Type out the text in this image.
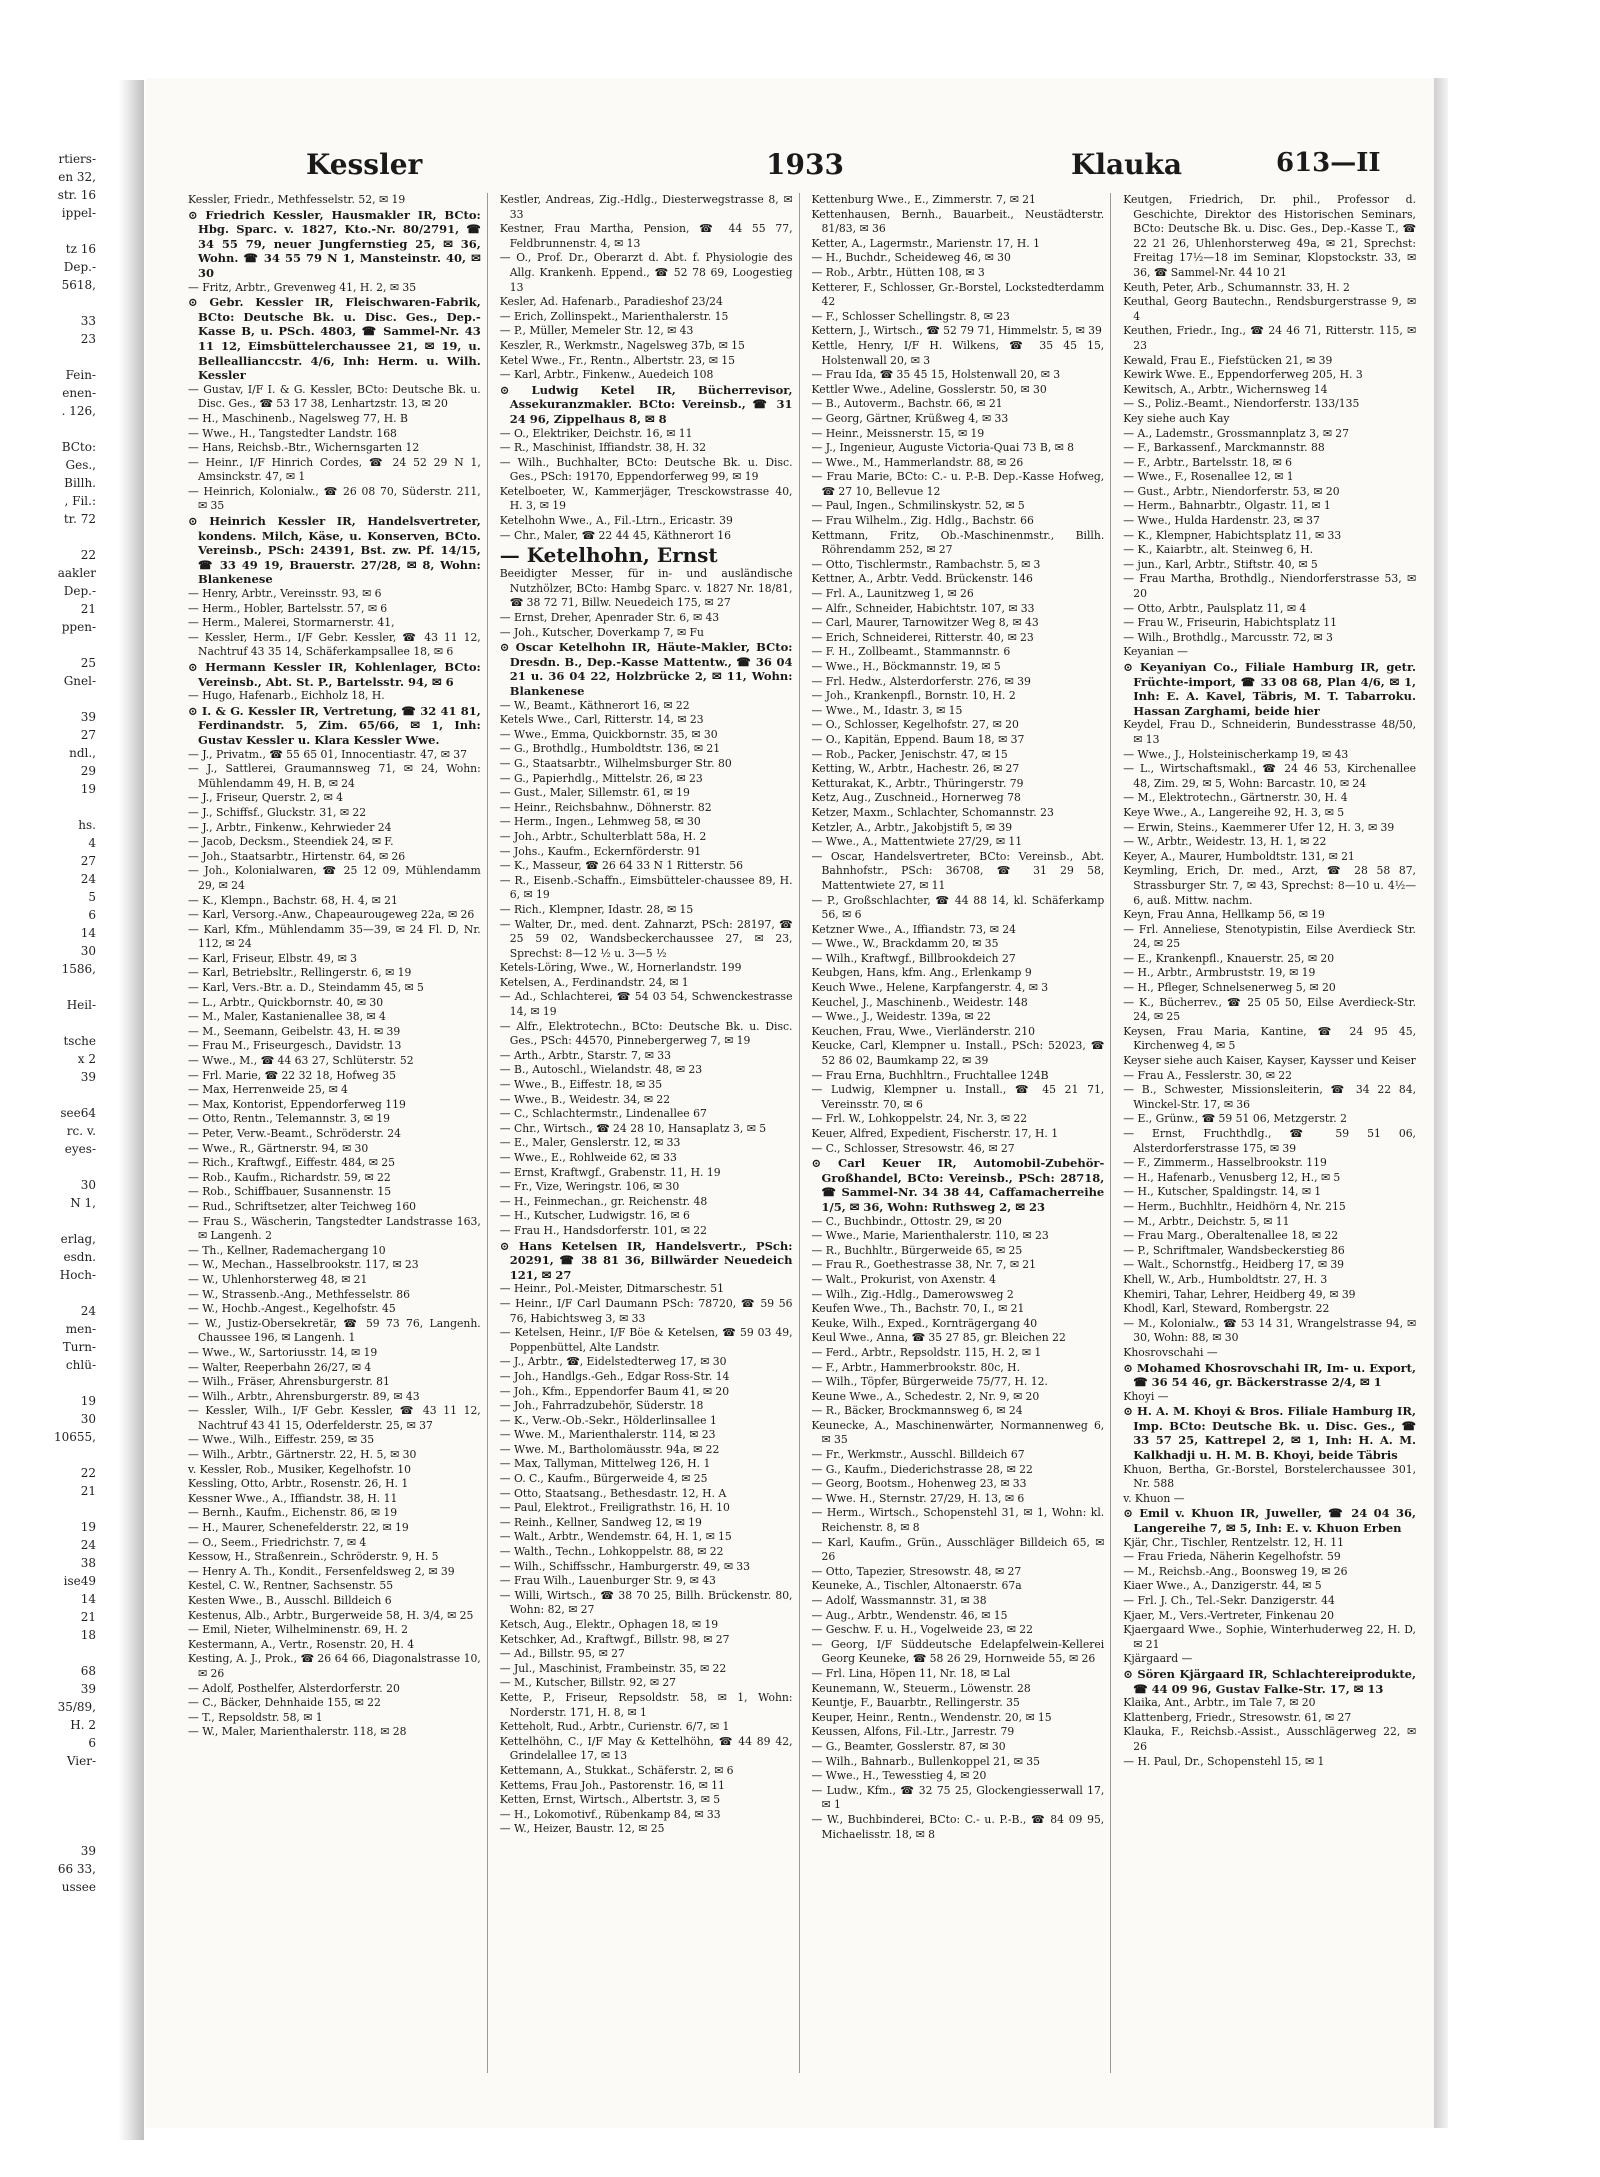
rtiers-
en 32,
str. 16
ippel-

tz 16
Dep.-
5618,

33
23

Fein-
enen-
. 126,

BCto:
Ges.,
Billh.
, Fil.:
tr. 72

22
aakler
Dep.-
21
ppen-

25
Gnel-

39
27
ndl.,
29
19

hs.
4
27
24
5
6
14
30
1586,

Heil-

tsche
x 2
39

see64
rc. v.
eyes-

30
N 1,

erlag,
esdn.
Hoch-

24
men-
Turn-
chlü-

19
30
10655,

22
21

19
24
38
ise49
14
21
18

68
39
35/89,
H. 2
6
Vier-

39
66 33,
ussee
Kessler	1933	Klauka	613—II

Kessler, Friedr., Methfesselstr. 52, ✉ 19

⊙ Friedrich Kessler, Hausmakler IR, BCto: Hbg. Sparc. v. 1827, Kto.-Nr. 80/2791, ☎ 34 55 79, neuer Jungfernstieg 25, ✉ 36, Wohn. ☎ 34 55 79 N 1, Mansteinstr. 40, ✉ 30

— Fritz, Arbtr., Grevenweg 41, H. 2, ✉ 35

⊙ Gebr. Kessler IR, Fleischwaren-Fabrik, BCto: Deutsche Bk. u. Disc. Ges., Dep.-Kasse B, u. PSch. 4803, ☎ Sammel-Nr. 43 11 12, Eimsbüttelerchaussee 21, ✉ 19, u. Belleallianccstr. 4/6, Inh: Herm. u. Wilh. Kessler

— Gustav, I/F I. & G. Kessler, BCto: Deutsche Bk. u. Disc. Ges., ☎ 53 17 38, Lenhartzstr. 13, ✉ 20

— H., Maschinenb., Nagelsweg 77, H. B

— Wwe., H., Tangstedter Landstr. 168

— Hans, Reichsb.-Btr., Wichernsgarten 12

— Heinr., I/F Hinrich Cordes, ☎ 24 52 29 N 1, Amsinckstr. 47, ✉ 1

— Heinrich, Kolonialw., ☎ 26 08 70, Süderstr. 211, ✉ 35

⊙ Heinrich Kessler IR, Handelsvertreter, kondens. Milch, Käse, u. Konserven, BCto. Vereinsb., PSch: 24391, Bst. zw. Pf. 14/15, ☎ 33 49 19, Brauerstr. 27/28, ✉ 8, Wohn: Blankenese

— Henry, Arbtr., Vereinsstr. 93, ✉ 6

— Herm., Hobler, Bartelsstr. 57, ✉ 6

— Herm., Malerei, Stormarnerstr. 41,

— Kessler, Herm., I/F Gebr. Kessler, ☎ 43 11 12, Nachtruf 43 35 14, Schäferkampsallee 18, ✉ 6

⊙ Hermann Kessler IR, Kohlenlager, BCto: Vereinsb., Abt. St. P., Bartelsstr. 94, ✉ 6

— Hugo, Hafenarb., Eichholz 18, H.

⊙ I. & G. Kessler IR, Vertretung, ☎ 32 41 81, Ferdinandstr. 5, Zim. 65/66, ✉ 1, Inh: Gustav Kessler u. Klara Kessler Wwe.

— J., Privatm., ☎ 55 65 01, Innocentiastr. 47, ✉ 37

— J., Sattlerei, Graumannsweg 71, ✉ 24, Wohn: Mühlendamm 49, H. B, ✉ 24

— J., Friseur, Querstr. 2, ✉ 4

— J., Schiffsf., Gluckstr. 31, ✉ 22

— J., Arbtr., Finkenw., Kehrwieder 24

— Jacob, Decksm., Steendiek 24, ✉ F.

— Joh., Staatsarbtr., Hirtenstr. 64, ✉ 26

— Joh., Kolonialwaren, ☎ 25 12 09, Mühlendamm 29, ✉ 24

— K., Klempn., Bachstr. 68, H. 4, ✉ 21

— Karl, Versorg.-Anw., Chapeaurougeweg 22a, ✉ 26

— Karl, Kfm., Mühlendamm 35—39, ✉ 24 Fl. D, Nr. 112, ✉ 24

— Karl, Friseur, Elbstr. 49, ✉ 3

— Karl, Betriebsltr., Rellingerstr. 6, ✉ 19

— Karl, Vers.-Btr. a. D., Steindamm 45, ✉ 5

— L., Arbtr., Quickbornstr. 40, ✉ 30

— M., Maler, Kastanienallee 38, ✉ 4

— M., Seemann, Geibelstr. 43, H. ✉ 39

— Frau M., Friseurgesch., Davidstr. 13

— Wwe., M., ☎ 44 63 27, Schlüterstr. 52

— Frl. Marie, ☎ 22 32 18, Hofweg 35

— Max, Herrenweide 25, ✉ 4

— Max, Kontorist, Eppendorferweg 119

— Otto, Rentn., Telemannstr. 3, ✉ 19

— Peter, Verw.-Beamt., Schröderstr. 24

— Wwe., R., Gärtnerstr. 94, ✉ 30

— Rich., Kraftwgf., Eiffestr. 484, ✉ 25

— Rob., Kaufm., Richardstr. 59, ✉ 22

— Rob., Schiffbauer, Susannenstr. 15

— Rud., Schriftsetzer, alter Teichweg 160

— Frau S., Wäscherin, Tangstedter Landstrasse 163, ✉ Langenh. 2

— Th., Kellner, Rademachergang 10

— W., Mechan., Hasselbrookstr. 117, ✉ 23

— W., Uhlenhorsterweg 48, ✉ 21

— W., Strassenb.-Ang., Methfesselstr. 86

— W., Hochb.-Angest., Kegelhofstr. 45

— W., Justiz-Obersekretär, ☎ 59 73 76, Langenh. Chaussee 196, ✉ Langenh. 1

— Wwe., W., Sartoriusstr. 14, ✉ 19

— Walter, Reeperbahn 26/27, ✉ 4

— Wilh., Fräser, Ahrensburgerstr. 81

— Wilh., Arbtr., Ahrensburgerstr. 89, ✉ 43

— Kessler, Wilh., I/F Gebr. Kessler, ☎ 43 11 12, Nachtruf 43 41 15, Oderfelderstr. 25, ✉ 37

— Wwe., Wilh., Eiffestr. 259, ✉ 35

— Wilh., Arbtr., Gärtnerstr. 22, H. 5, ✉ 30

v. Kessler, Rob., Musiker, Kegelhofstr. 10

Kessling, Otto, Arbtr., Rosenstr. 26, H. 1

Kessner Wwe., A., Iffiandstr. 38, H. 11

— Bernh., Kaufm., Eichenstr. 86, ✉ 19

— H., Maurer, Schenefelderstr. 22, ✉ 19

— O., Seem., Friedrichstr. 7, ✉ 4

Kessow, H., Straßenrein., Schröderstr. 9, H. 5

— Henry A. Th., Kondit., Fersenfeldsweg 2, ✉ 39

Kestel, C. W., Rentner, Sachsenstr. 55

Kesten Wwe., B., Ausschl. Billdeich 6

Kestenus, Alb., Arbtr., Burgerweide 58, H. 3/4, ✉ 25

— Emil, Nieter, Wilhelminenstr. 69, H. 2

Kestermann, A., Vertr., Rosenstr. 20, H. 4

Kesting, A. J., Prok., ☎ 26 64 66, Diagonalstrasse 10, ✉ 26

— Adolf, Posthelfer, Alsterdorferstr. 20

— C., Bäcker, Dehnhaide 155, ✉ 22

— T., Repsoldstr. 58, ✉ 1

— W., Maler, Marienthalerstr. 118, ✉ 28

Kestler, Andreas, Zig.-Hdlg., Diesterwegstrasse 8, ✉ 33

Kestner, Frau Martha, Pension, ☎ 44 55 77, Feldbrunnenstr. 4, ✉ 13

— O., Prof. Dr., Oberarzt d. Abt. f. Physiologie des Allg. Krankenh. Eppend., ☎ 52 78 69, Loogestieg 13

Kesler, Ad. Hafenarb., Paradieshof 23/24

— Erich, Zollinspekt., Marienthalerstr. 15

— P., Müller, Memeler Str. 12, ✉ 43

Keszler, R., Werkmstr., Nagelsweg 37b, ✉ 15

Ketel Wwe., Fr., Rentn., Albertstr. 23, ✉ 15

— Karl, Arbtr., Finkenw., Auedeich 108

⊙ Ludwig Ketel IR, Bücherrevisor, Assekuranzmakler. BCto: Vereinsb., ☎ 31 24 96, Zippelhaus 8, ✉ 8

— O., Elektriker, Deichstr. 16, ✉ 11

— R., Maschinist, Iffiandstr. 38, H. 32

— Wilh., Buchhalter, BCto: Deutsche Bk. u. Disc. Ges., PSch: 19170, Eppendorferweg 99, ✉ 19

Ketelboeter, W., Kammerjäger, Tresckowstrasse 40, H. 3, ✉ 19

Ketelhohn Wwe., A., Fil.-Ltrn., Ericastr. 39

— Chr., Maler, ☎ 22 44 45, Käthnerort 16

— Ketelhohn, Ernst

Beeidigter Messer, für in- und ausländische Nutzhölzer, BCto: Hambg Sparc. v. 1827 Nr. 18/81, ☎ 38 72 71, Billw. Neuedeich 175, ✉ 27

— Ernst, Dreher, Apenrader Str. 6, ✉ 43

— Joh., Kutscher, Doverkamp 7, ✉ Fu

⊙ Oscar Ketelhohn IR, Häute-Makler, BCto: Dresdn. B., Dep.-Kasse Mattentw., ☎ 36 04 21 u. 36 04 22, Holzbrücke 2, ✉ 11, Wohn: Blankenese

— W., Beamt., Käthnerort 16, ✉ 22

Ketels Wwe., Carl, Ritterstr. 14, ✉ 23

— Wwe., Emma, Quickbornstr. 35, ✉ 30

— G., Brothdlg., Humboldtstr. 136, ✉ 21

— G., Staatsarbtr., Wilhelmsburger Str. 80

— G., Papierhdlg., Mittelstr. 26, ✉ 23

— Gust., Maler, Sillemstr. 61, ✉ 19

— Heinr., Reichsbahnw., Döhnerstr. 82

— Herm., Ingen., Lehmweg 58, ✉ 30

— Joh., Arbtr., Schulterblatt 58a, H. 2

— Johs., Kaufm., Eckernförderstr. 91

— K., Masseur, ☎ 26 64 33 N 1 Ritterstr. 56

— R., Eisenb.-Schaffn., Eimsbütteler-chaussee 89, H. 6, ✉ 19

— Rich., Klempner, Idastr. 28, ✉ 15

— Walter, Dr., med. dent. Zahnarzt, PSch: 28197, ☎ 25 59 02, Wandsbeckerchaussee 27, ✉ 23, Sprechst: 8—12 ½ u. 3—5 ½

Ketels-Löring, Wwe., W., Hornerlandstr. 199

Ketelsen, A., Ferdinandstr. 24, ✉ 1

— Ad., Schlachterei, ☎ 54 03 54, Schwenckestrasse 14, ✉ 19

— Alfr., Elektrotechn., BCto: Deutsche Bk. u. Disc. Ges., PSch: 44570, Pinnebergerweg 7, ✉ 19

— Arth., Arbtr., Starstr. 7, ✉ 33

— B., Autoschl., Wielandstr. 48, ✉ 23

— Wwe., B., Eiffestr. 18, ✉ 35

— Wwe., B., Weidestr. 34, ✉ 22

— C., Schlachtermstr., Lindenallee 67

— Chr., Wirtsch., ☎ 24 28 10, Hansaplatz 3, ✉ 5

— E., Maler, Genslerstr. 12, ✉ 33

— Wwe., E., Rohlweide 62, ✉ 33

— Ernst, Kraftwgf., Grabenstr. 11, H. 19

— Fr., Vize, Weringstr. 106, ✉ 30

— H., Feinmechan., gr. Reichenstr. 48

— H., Kutscher, Ludwigstr. 16, ✉ 6

— Frau H., Handsdorferstr. 101, ✉ 22

⊙ Hans Ketelsen IR, Handelsvertr., PSch: 20291, ☎ 38 81 36, Billwärder Neuedeich 121, ✉ 27

— Heinr., Pol.-Meister, Ditmarschestr. 51

— Heinr., I/F Carl Daumann PSch: 78720, ☎ 59 56 76, Habichtsweg 3, ✉ 33

— Ketelsen, Heinr., I/F Böe & Ketelsen, ☎ 59 03 49, Poppenbüttel, Alte Landstr.

— J., Arbtr., ☎, Eidelstedterweg 17, ✉ 30

— Joh., Handlgs.-Geh., Edgar Ross-Str. 14

— Joh., Kfm., Eppendorfer Baum 41, ✉ 20

— Joh., Fahrradzubehör, Süderstr. 18

— K., Verw.-Ob.-Sekr., Hölderlinsallee 1

— Wwe. M., Marienthalerstr. 114, ✉ 23

— Wwe. M., Bartholomäusstr. 94a, ✉ 22

— Max, Tallyman, Mittelweg 126, H. 1

— O. C., Kaufm., Bürgerweide 4, ✉ 25

— Otto, Staatsang., Bethesdastr. 12, H. A

— Paul, Elektrot., Freiligrathstr. 16, H. 10

— Reinh., Kellner, Sandweg 12, ✉ 19

— Walt., Arbtr., Wendemstr. 64, H. 1, ✉ 15

— Walth., Techn., Lohkoppelstr. 88, ✉ 22

— Wilh., Schiffsschr., Hamburgerstr. 49, ✉ 33

— Frau Wilh., Lauenburger Str. 9, ✉ 43

— Willi, Wirtsch., ☎ 38 70 25, Billh. Brückenstr. 80, Wohn: 82, ✉ 27

Ketsch, Aug., Elektr., Ophagen 18, ✉ 19

Ketschker, Ad., Kraftwgf., Billstr. 98, ✉ 27

— Ad., Billstr. 95, ✉ 27

— Jul., Maschinist, Frambeinstr. 35, ✉ 22

— M., Kutscher, Billstr. 92, ✉ 27

Kette, P., Friseur, Repsoldstr. 58, ✉ 1, Wohn: Norderstr. 171, H. 8, ✉ 1

Ketteholt, Rud., Arbtr., Curienstr. 6/7, ✉ 1

Kettelhöhn, C., I/F May & Kettelhöhn, ☎ 44 89 42, Grindelallee 17, ✉ 13

Kettemann, A., Stukkat., Schäferstr. 2, ✉ 6

Kettems, Frau Joh., Pastorenstr. 16, ✉ 11

Ketten, Ernst, Wirtsch., Albertstr. 3, ✉ 5

— H., Lokomotivf., Rübenkamp 84, ✉ 33

— W., Heizer, Baustr. 12, ✉ 25

Kettenburg Wwe., E., Zimmerstr. 7, ✉ 21

Kettenhausen, Bernh., Bauarbeit., Neustädterstr. 81/83, ✉ 36

Ketter, A., Lagermstr., Marienstr. 17, H. 1

— H., Buchdr., Scheideweg 46, ✉ 30

— Rob., Arbtr., Hütten 108, ✉ 3

Ketterer, F., Schlosser, Gr.-Borstel, Lockstedterdamm 42

— F., Schlosser Schellingstr. 8, ✉ 23

Kettern, J., Wirtsch., ☎ 52 79 71, Himmelstr. 5, ✉ 39

Kettle, Henry, I/F H. Wilkens, ☎ 35 45 15, Holstenwall 20, ✉ 3

— Frau Ida, ☎ 35 45 15, Holstenwall 20, ✉ 3

Kettler Wwe., Adeline, Gosslerstr. 50, ✉ 30

— B., Autoverm., Bachstr. 66, ✉ 21

— Georg, Gärtner, Krüßweg 4, ✉ 33

— Heinr., Meissnerstr. 15, ✉ 19

— J., Ingenieur, Auguste Victoria-Quai 73 B, ✉ 8

— Wwe., M., Hammerlandstr. 88, ✉ 26

— Frau Marie, BCto: C.- u. P.-B. Dep.-Kasse Hofweg, ☎ 27 10, Bellevue 12

— Paul, Ingen., Schmilinskystr. 52, ✉ 5

— Frau Wilhelm., Zig. Hdlg., Bachstr. 66

Kettmann, Fritz, Ob.-Maschinenmstr., Billh. Röhrendamm 252, ✉ 27

— Otto, Tischlermstr., Rambachstr. 5, ✉ 3

Kettner, A., Arbtr. Vedd. Brückenstr. 146

— Frl. A., Launitzweg 1, ✉ 26

— Alfr., Schneider, Habichtstr. 107, ✉ 33

— Carl, Maurer, Tarnowitzer Weg 8, ✉ 43

— Erich, Schneiderei, Ritterstr. 40, ✉ 23

— F. H., Zollbeamt., Stammannstr. 6

— Wwe., H., Böckmannstr. 19, ✉ 5

— Frl. Hedw., Alsterdorferstr. 276, ✉ 39

— Joh., Krankenpfl., Bornstr. 10, H. 2

— Wwe., M., Idastr. 3, ✉ 15

— O., Schlosser, Kegelhofstr. 27, ✉ 20

— O., Kapitän, Eppend. Baum 18, ✉ 37

— Rob., Packer, Jenischstr. 47, ✉ 15

Ketting, W., Arbtr., Hachestr. 26, ✉ 27

Ketturakat, K., Arbtr., Thüringerstr. 79

Ketz, Aug., Zuschneid., Hornerweg 78

Ketzer, Maxm., Schlachter, Schomannstr. 23

Ketzler, A., Arbtr., Jakobjstift 5, ✉ 39

— Wwe., A., Mattentwiete 27/29, ✉ 11

— Oscar, Handelsvertreter, BCto: Vereinsb., Abt. Bahnhofstr., PSch: 36708, ☎ 31 29 58, Mattentwiete 27, ✉ 11

— P., Großschlachter, ☎ 44 88 14, kl. Schäferkamp 56, ✉ 6

Ketzner Wwe., A., Iffiandstr. 73, ✉ 24

— Wwe., W., Brackdamm 20, ✉ 35

— Wilh., Kraftwgf., Billbrookdeich 27

Keubgen, Hans, kfm. Ang., Erlenkamp 9

Keuch Wwe., Helene, Karpfangerstr. 4, ✉ 3

Keuchel, J., Maschinenb., Weidestr. 148

— Wwe., J., Weidestr. 139a, ✉ 22

Keuchen, Frau, Wwe., Vierländerstr. 210

Keucke, Carl, Klempner u. Install., PSch: 52023, ☎ 52 86 02, Baumkamp 22, ✉ 39

— Frau Erna, Buchhltrn., Fruchtallee 124B

— Ludwig, Klempner u. Install., ☎ 45 21 71, Vereinsstr. 70, ✉ 6

— Frl. W., Lohkoppelstr. 24, Nr. 3, ✉ 22

Keuer, Alfred, Expedient, Fischerstr. 17, H. 1

— C., Schlosser, Stresowstr. 46, ✉ 27

⊙ Carl Keuer IR, Automobil-Zubehör-Großhandel, BCto: Vereinsb., PSch: 28718, ☎ Sammel-Nr. 34 38 44, Caffamacherreihe 1/5, ✉ 36, Wohn: Ruthsweg 2, ✉ 23

— C., Buchbindr., Ottostr. 29, ✉ 20

— Wwe., Marie, Marienthalerstr. 110, ✉ 23

— R., Buchhltr., Bürgerweide 65, ✉ 25

— Frau R., Goethestrasse 38, Nr. 7, ✉ 21

— Walt., Prokurist, von Axenstr. 4

— Wilh., Zig.-Hdlg., Damerowsweg 2

Keufen Wwe., Th., Bachstr. 70, I., ✉ 21

Keuke, Wilh., Exped., Kornträgergang 40

Keul Wwe., Anna, ☎ 35 27 85, gr. Bleichen 22

— Ferd., Arbtr., Repsoldstr. 115, H. 2, ✉ 1

— F., Arbtr., Hammerbrookstr. 80c, H.

— Wilh., Töpfer, Bürgerweide 75/77, H. 12.

Keune Wwe., A., Schedestr. 2, Nr. 9, ✉ 20

— R., Bäcker, Brockmannsweg 6, ✉ 24

Keunecke, A., Maschinenwärter, Normannenweg 6, ✉ 35

— Fr., Werkmstr., Ausschl. Billdeich 67

— G., Kaufm., Diederichstrasse 28, ✉ 22

— Georg, Bootsm., Hohenweg 23, ✉ 33

— Wwe. H., Sternstr. 27/29, H. 13, ✉ 6

— Herm., Wirtsch., Schopenstehl 31, ✉ 1, Wohn: kl. Reichenstr. 8, ✉ 8

— Karl, Kaufm., Grün., Ausschläger Billdeich 65, ✉ 26

— Otto, Tapezier, Stresowstr. 48, ✉ 27

Keuneke, A., Tischler, Altonaerstr. 67a

— Adolf, Wassmannstr. 31, ✉ 38

— Aug., Arbtr., Wendenstr. 46, ✉ 15

— Geschw. F. u. H., Vogelweide 23, ✉ 22

— Georg, I/F Süddeutsche Edelapfelwein-Kellerei Georg Keuneke, ☎ 58 26 29, Hornweide 55, ✉ 26

— Frl. Lina, Höpen 11, Nr. 18, ✉ Lal

Keunemann, W., Steuerm., Löwenstr. 28

Keuntje, F., Bauarbtr., Rellingerstr. 35

Keuper, Heinr., Rentn., Wendenstr. 20, ✉ 15

Keussen, Alfons, Fil.-Ltr., Jarrestr. 79

— G., Beamter, Gosslerstr. 87, ✉ 30

— Wilh., Bahnarb., Bullenkoppel 21, ✉ 35

— Wwe., H., Tewesstieg 4, ✉ 20

— Ludw., Kfm., ☎ 32 75 25, Glockengiesserwall 17, ✉ 1

— W., Buchbinderei, BCto: C.- u. P.-B., ☎ 84 09 95, Michaelisstr. 18, ✉ 8

Keutgen, Friedrich, Dr. phil., Professor d. Geschichte, Direktor des Historischen Seminars, BCto: Deutsche Bk. u. Disc. Ges., Dep.-Kasse T., ☎ 22 21 26, Uhlenhorsterweg 49a, ✉ 21, Sprechst: Freitag 17½—18 im Seminar, Klopstockstr. 33, ✉ 36, ☎ Sammel-Nr. 44 10 21

Keuth, Peter, Arb., Schumannstr. 33, H. 2

Keuthal, Georg Bautechn., Rendsburgerstrasse 9, ✉ 4

Keuthen, Friedr., Ing., ☎ 24 46 71, Ritterstr. 115, ✉ 23

Kewald, Frau E., Fiefstücken 21, ✉ 39

Kewirk Wwe. E., Eppendorferweg 205, H. 3

Kewitsch, A., Arbtr., Wichernsweg 14

— S., Poliz.-Beamt., Niendorferstr. 133/135

Key siehe auch Kay

— A., Lademstr., Grossmannplatz 3, ✉ 27

— F., Barkassenf., Marckmannstr. 88

— F., Arbtr., Bartelsstr. 18, ✉ 6

— Wwe., F., Rosenallee 12, ✉ 1

— Gust., Arbtr., Niendorferstr. 53, ✉ 20

— Herm., Bahnarbtr., Olgastr. 11, ✉ 1

— Wwe., Hulda Hardenstr. 23, ✉ 37

— K., Klempner, Habichtsplatz 11, ✉ 33

— K., Kaiarbtr., alt. Steinweg 6, H.

— jun., Karl, Arbtr., Stiftstr. 40, ✉ 5

— Frau Martha, Brothdlg., Niendorferstrasse 53, ✉ 20

— Otto, Arbtr., Paulsplatz 11, ✉ 4

— Frau W., Friseurin, Habichtsplatz 11

— Wilh., Brothdlg., Marcusstr. 72, ✉ 3

Keyanian —

⊙ Keyaniyan Co., Filiale Hamburg IR, getr. Früchte-import, ☎ 33 08 68, Plan 4/6, ✉ 1, Inh: E. A. Kavel, Täbris, M. T. Tabarroku. Hassan Zarghami, beide hier

Keydel, Frau D., Schneiderin, Bundesstrasse 48/50, ✉ 13

— Wwe., J., Holsteinischerkamp 19, ✉ 43

— L., Wirtschaftsmakl., ☎ 24 46 53, Kirchenallee 48, Zim. 29, ✉ 5, Wohn: Barcastr. 10, ✉ 24

— M., Elektrotechn., Gärtnerstr. 30, H. 4

Keye Wwe., A., Langereihe 92, H. 3, ✉ 5

— Erwin, Steins., Kaemmerer Ufer 12, H. 3, ✉ 39

— W., Arbtr., Weidestr. 13, H. 1, ✉ 22

Keyer, A., Maurer, Humboldtstr. 131, ✉ 21

Keymling, Erich, Dr. med., Arzt, ☎ 28 58 87, Strassburger Str. 7, ✉ 43, Sprechst: 8—10 u. 4½—6, auß. Mittw. nachm.

Keyn, Frau Anna, Hellkamp 56, ✉ 19

— Frl. Anneliese, Stenotypistin, Eilse Averdieck Str. 24, ✉ 25

— E., Krankenpfl., Knauerstr. 25, ✉ 20

— H., Arbtr., Armbruststr. 19, ✉ 19

— H., Pfleger, Schnelsenerweg 5, ✉ 20

— K., Bücherrev., ☎ 25 05 50, Eilse Averdieck-Str. 24, ✉ 25

Keysen, Frau Maria, Kantine, ☎ 24 95 45, Kirchenweg 4, ✉ 5

Keyser siehe auch Kaiser, Kayser, Kaysser und Keiser

— Frau A., Fesslerstr. 30, ✉ 22

— B., Schwester, Missionsleiterin, ☎ 34 22 84, Winckel-Str. 17, ✉ 36

— E., Grünw., ☎ 59 51 06, Metzgerstr. 2

— Ernst, Fruchthdlg., ☎ 59 51 06, Alsterdorferstrasse 175, ✉ 39

— F., Zimmerm., Hasselbrookstr. 119

— H., Hafenarb., Venusberg 12, H., ✉ 5

— H., Kutscher, Spaldingstr. 14, ✉ 1

— Herm., Buchhltr., Heidhörn 4, Nr. 215

— M., Arbtr., Deichstr. 5, ✉ 11

— Frau Marg., Oberaltenallee 18, ✉ 22

— P., Schriftmaler, Wandsbeckerstieg 86

— Walt., Schornstfg., Heidberg 17, ✉ 39

Khell, W., Arb., Humboldtstr. 27, H. 3

Khemiri, Tahar, Lehrer, Heidberg 49, ✉ 39

Khodl, Karl, Steward, Rombergstr. 22

— M., Kolonialw., ☎ 53 14 31, Wrangelstrasse 94, ✉ 30, Wohn: 88, ✉ 30

Khosrovschahi —

⊙ Mohamed Khosrovschahi IR, Im- u. Export, ☎ 36 54 46, gr. Bäckerstrasse 2/4, ✉ 1

Khoyi —

⊙ H. A. M. Khoyi & Bros. Filiale Hamburg IR, Imp. BCto: Deutsche Bk. u. Disc. Ges., ☎ 33 57 25, Kattrepel 2, ✉ 1, Inh: H. A. M. Kalkhadji u. H. M. B. Khoyi, beide Täbris

Khuon, Bertha, Gr.-Borstel, Borstelerchaussee 301, Nr. 588

v. Khuon —

⊙ Emil v. Khuon IR, Juweller, ☎ 24 04 36, Langereihe 7, ✉ 5, Inh: E. v. Khuon Erben

Kjär, Chr., Tischler, Rentzelstr. 12, H. 11

— Frau Frieda, Näherin Kegelhofstr. 59

— M., Reichsb.-Ang., Boonsweg 19, ✉ 26

Kiaer Wwe., A., Danzigerstr. 44, ✉ 5

— Frl. J. Ch., Tel.-Sekr. Danzigerstr. 44

Kjaer, M., Vers.-Vertreter, Finkenau 20

Kjaergaard Wwe., Sophie, Winterhuderweg 22, H. D, ✉ 21

Kjärgaard —

⊙ Sören Kjärgaard IR, Schlachtereiprodukte, ☎ 44 09 96, Gustav Falke-Str. 17, ✉ 13

Klaika, Ant., Arbtr., im Tale 7, ✉ 20

Klattenberg, Friedr., Stresowstr. 61, ✉ 27

Klauka, F., Reichsb.-Assist., Ausschlägerweg 22, ✉ 26

— H. Paul, Dr., Schopenstehl 15, ✉ 1
